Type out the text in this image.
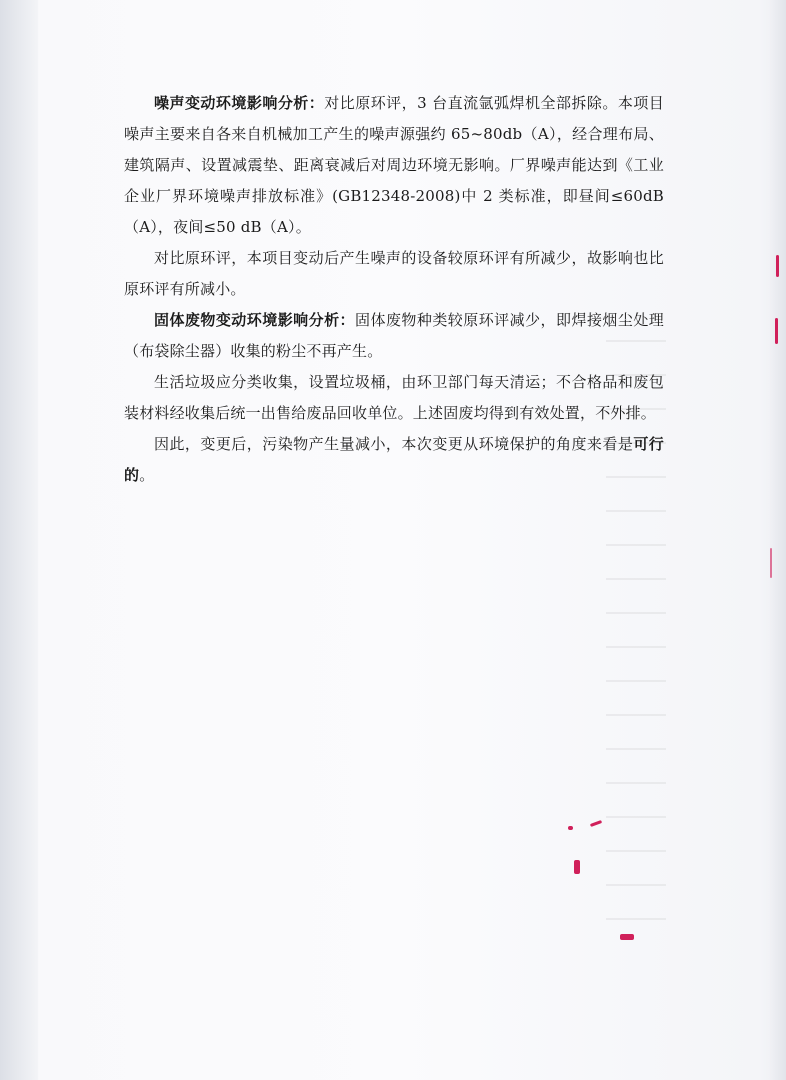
噪声变动环境影响分析：对比原环评，3 台直流氩弧焊机全部拆除。本项目噪声主要来自各来自机械加工产生的噪声源强约 65~80db（A），经合理布局、建筑隔声、设置减震垫、距离衰减后对周边环境无影响。厂界噪声能达到《工业企业厂界环境噪声排放标准》(GB12348-2008)中 2 类标准，即昼间≤60dB（A），夜间≤50 dB（A）。

对比原环评，本项目变动后产生噪声的设备较原环评有所减少，故影响也比原环评有所减小。

固体废物变动环境影响分析：固体废物种类较原环评减少，即焊接烟尘处理（布袋除尘器）收集的粉尘不再产生。

生活垃圾应分类收集，设置垃圾桶，由环卫部门每天清运；不合格品和废包装材料经收集后统一出售给废品回收单位。上述固废均得到有效处置，不外排。

因此，变更后，污染物产生量减小，本次变更从环境保护的角度来看是可行的。
